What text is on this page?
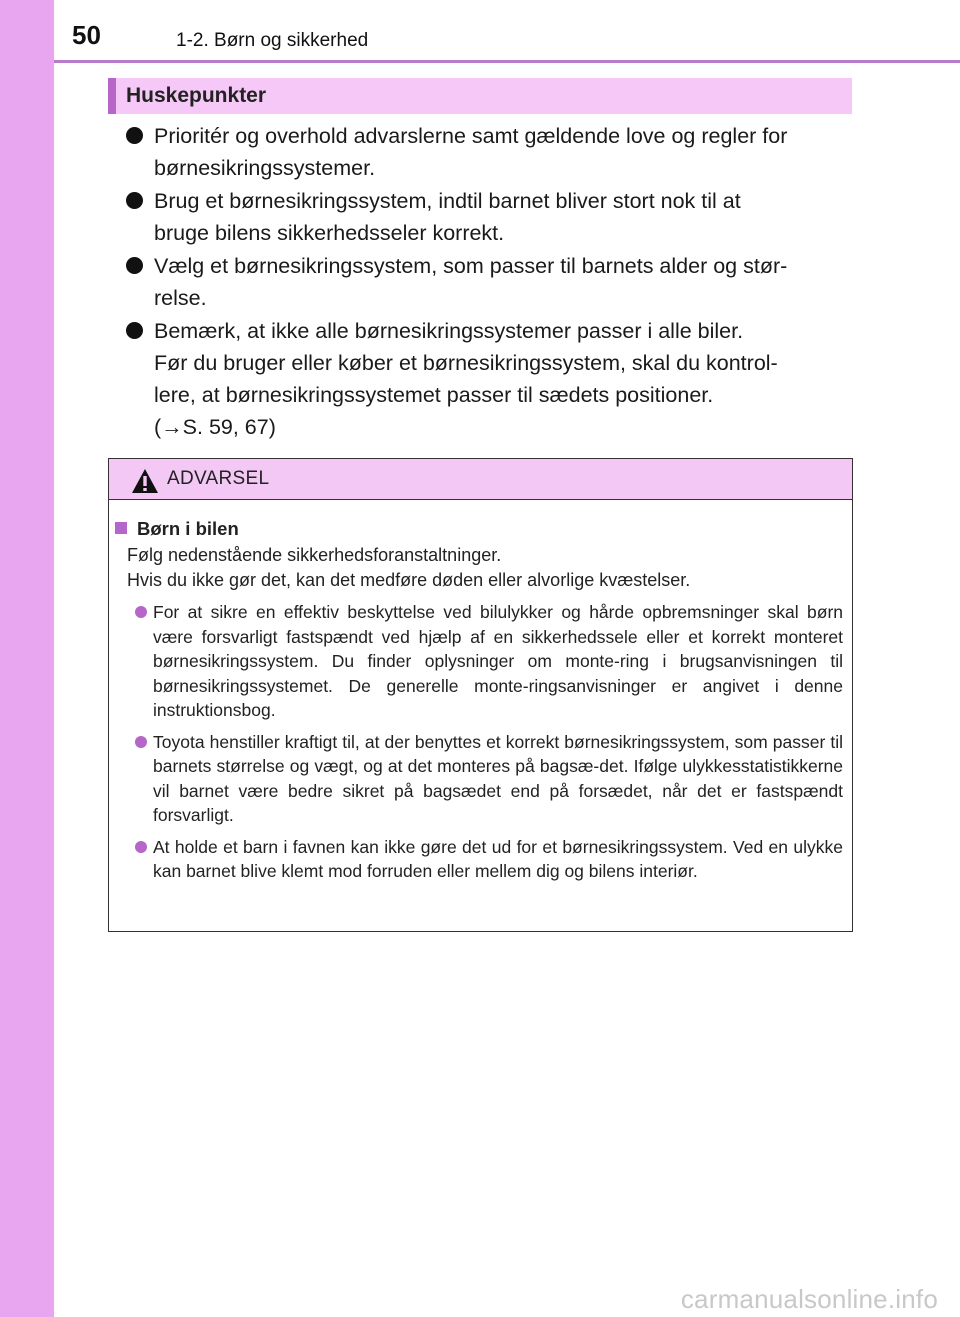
50	1-2. Børn og sikkerhed
Huskepunkter
Prioritér og overhold advarslerne samt gældende love og regler for
børnesikringssystemer.
Brug et børnesikringssystem, indtil barnet bliver stort nok til at
bruge bilens sikkerhedsseler korrekt.
Vælg et børnesikringssystem, som passer til barnets alder og stør-
relse.
Bemærk, at ikke alle børnesikringssystemer passer i alle biler.
Før du bruger eller køber et børnesikringssystem, skal du kontrol-
lere, at børnesikringssystemet passer til sædets positioner.
(→S. 59, 67)
ADVARSEL
Børn i bilen
Følg nedenstående sikkerhedsforanstaltninger.
Hvis du ikke gør det, kan det medføre døden eller alvorlige kvæstelser.
For at sikre en effektiv beskyttelse ved bilulykker og hårde opbremsninger skal børn være forsvarligt fastspændt ved hjælp af en sikkerhedssele eller et korrekt monteret børnesikringssystem. Du finder oplysninger om monte-ring i brugsanvisningen til børnesikringssystemet. De generelle monte-ringsanvisninger er angivet i denne instruktionsbog.
Toyota henstiller kraftigt til, at der benyttes et korrekt børnesikringssystem, som passer til barnets størrelse og vægt, og at det monteres på bagsæ-det. Ifølge ulykkesstatistikkerne vil barnet være bedre sikret på bagsædet end på forsædet, når det er fastspændt forsvarligt.
At holde et barn i favnen kan ikke gøre det ud for et børnesikringssystem. Ved en ulykke kan barnet blive klemt mod forruden eller mellem dig og bilens interiør.
carmanualsonline.info
